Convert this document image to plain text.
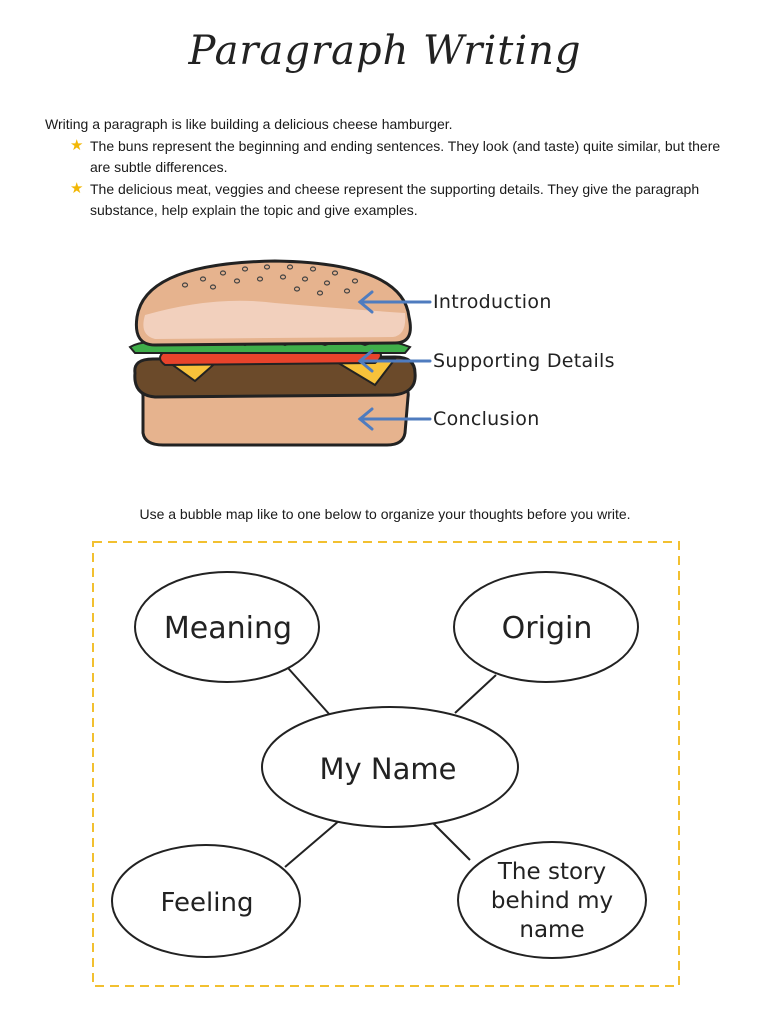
Paragraph Writing
Writing a paragraph is like building a delicious cheese hamburger.
★ The buns represent the beginning and ending sentences. They look (and taste) quite similar, but there are subtle differences.
★ The delicious meat, veggies and cheese represent the supporting details. They give the paragraph substance, help explain the topic and give examples.
Introduction
Supporting Details
Conclusion
Use a bubble map like to one below to organize your thoughts before you write.
Meaning	Origin
My Name
Feeling
The story
behind my
name
